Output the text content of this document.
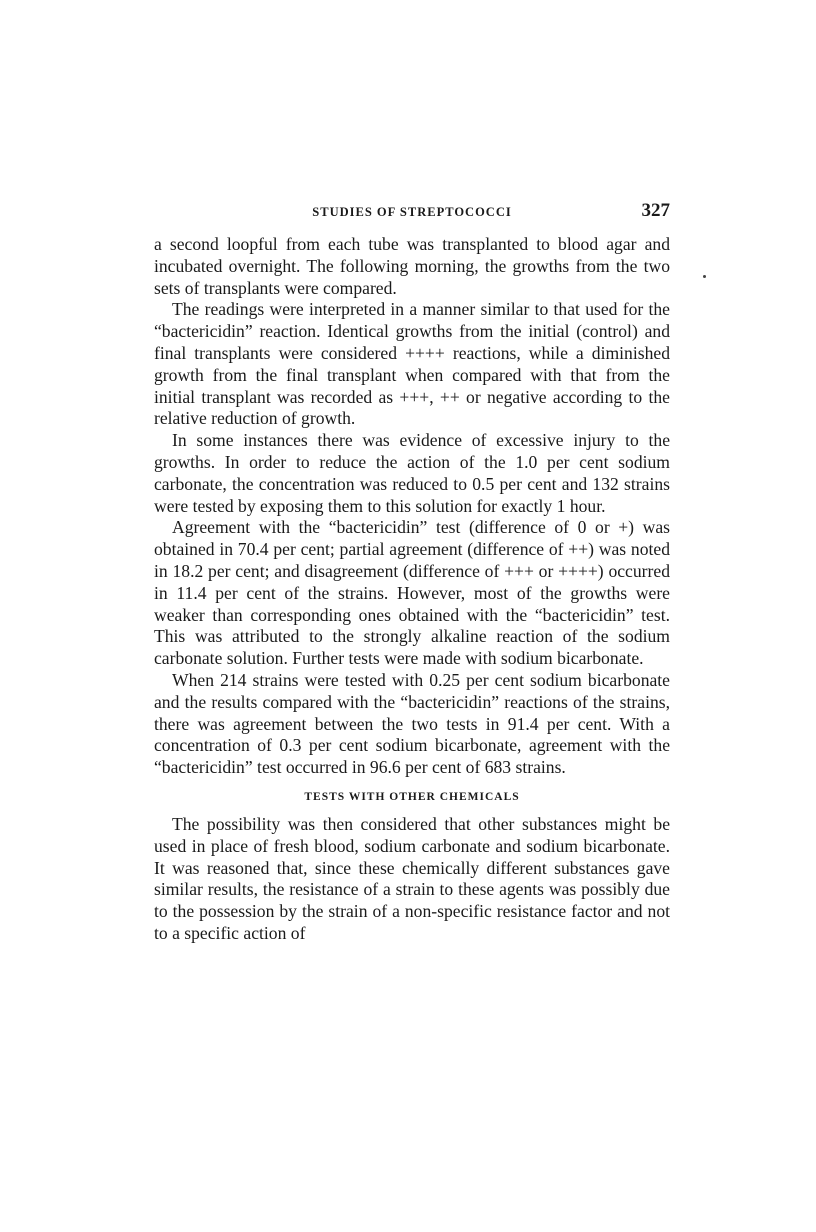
STUDIES OF STREPTOCOCCI	327

a second loopful from each tube was transplanted to blood agar and incubated overnight. The following morning, the growths from the two sets of transplants were compared.

The readings were interpreted in a manner similar to that used for the “bactericidin” reaction. Identical growths from the initial (control) and final transplants were considered ++++ reactions, while a diminished growth from the final transplant when compared with that from the initial transplant was recorded as +++, ++ or negative according to the relative reduction of growth.

In some instances there was evidence of excessive injury to the growths. In order to reduce the action of the 1.0 per cent sodium carbonate, the concentration was reduced to 0.5 per cent and 132 strains were tested by exposing them to this solution for exactly 1 hour.

Agreement with the “bactericidin” test (difference of 0 or +) was obtained in 70.4 per cent; partial agreement (difference of ++) was noted in 18.2 per cent; and disagreement (difference of +++ or ++++) occurred in 11.4 per cent of the strains. However, most of the growths were weaker than corresponding ones obtained with the “bactericidin” test. This was attributed to the strongly alkaline reaction of the sodium carbonate solution. Further tests were made with sodium bicarbonate.

When 214 strains were tested with 0.25 per cent sodium bicarbonate and the results compared with the “bactericidin” reactions of the strains, there was agreement between the two tests in 91.4 per cent. With a concentration of 0.3 per cent sodium bicarbonate, agreement with the “bactericidin” test occurred in 96.6 per cent of 683 strains.

TESTS WITH OTHER CHEMICALS

The possibility was then considered that other substances might be used in place of fresh blood, sodium carbonate and sodium bicarbonate. It was reasoned that, since these chemically different substances gave similar results, the resistance of a strain to these agents was possibly due to the possession by the strain of a non-specific resistance factor and not to a specific action of
